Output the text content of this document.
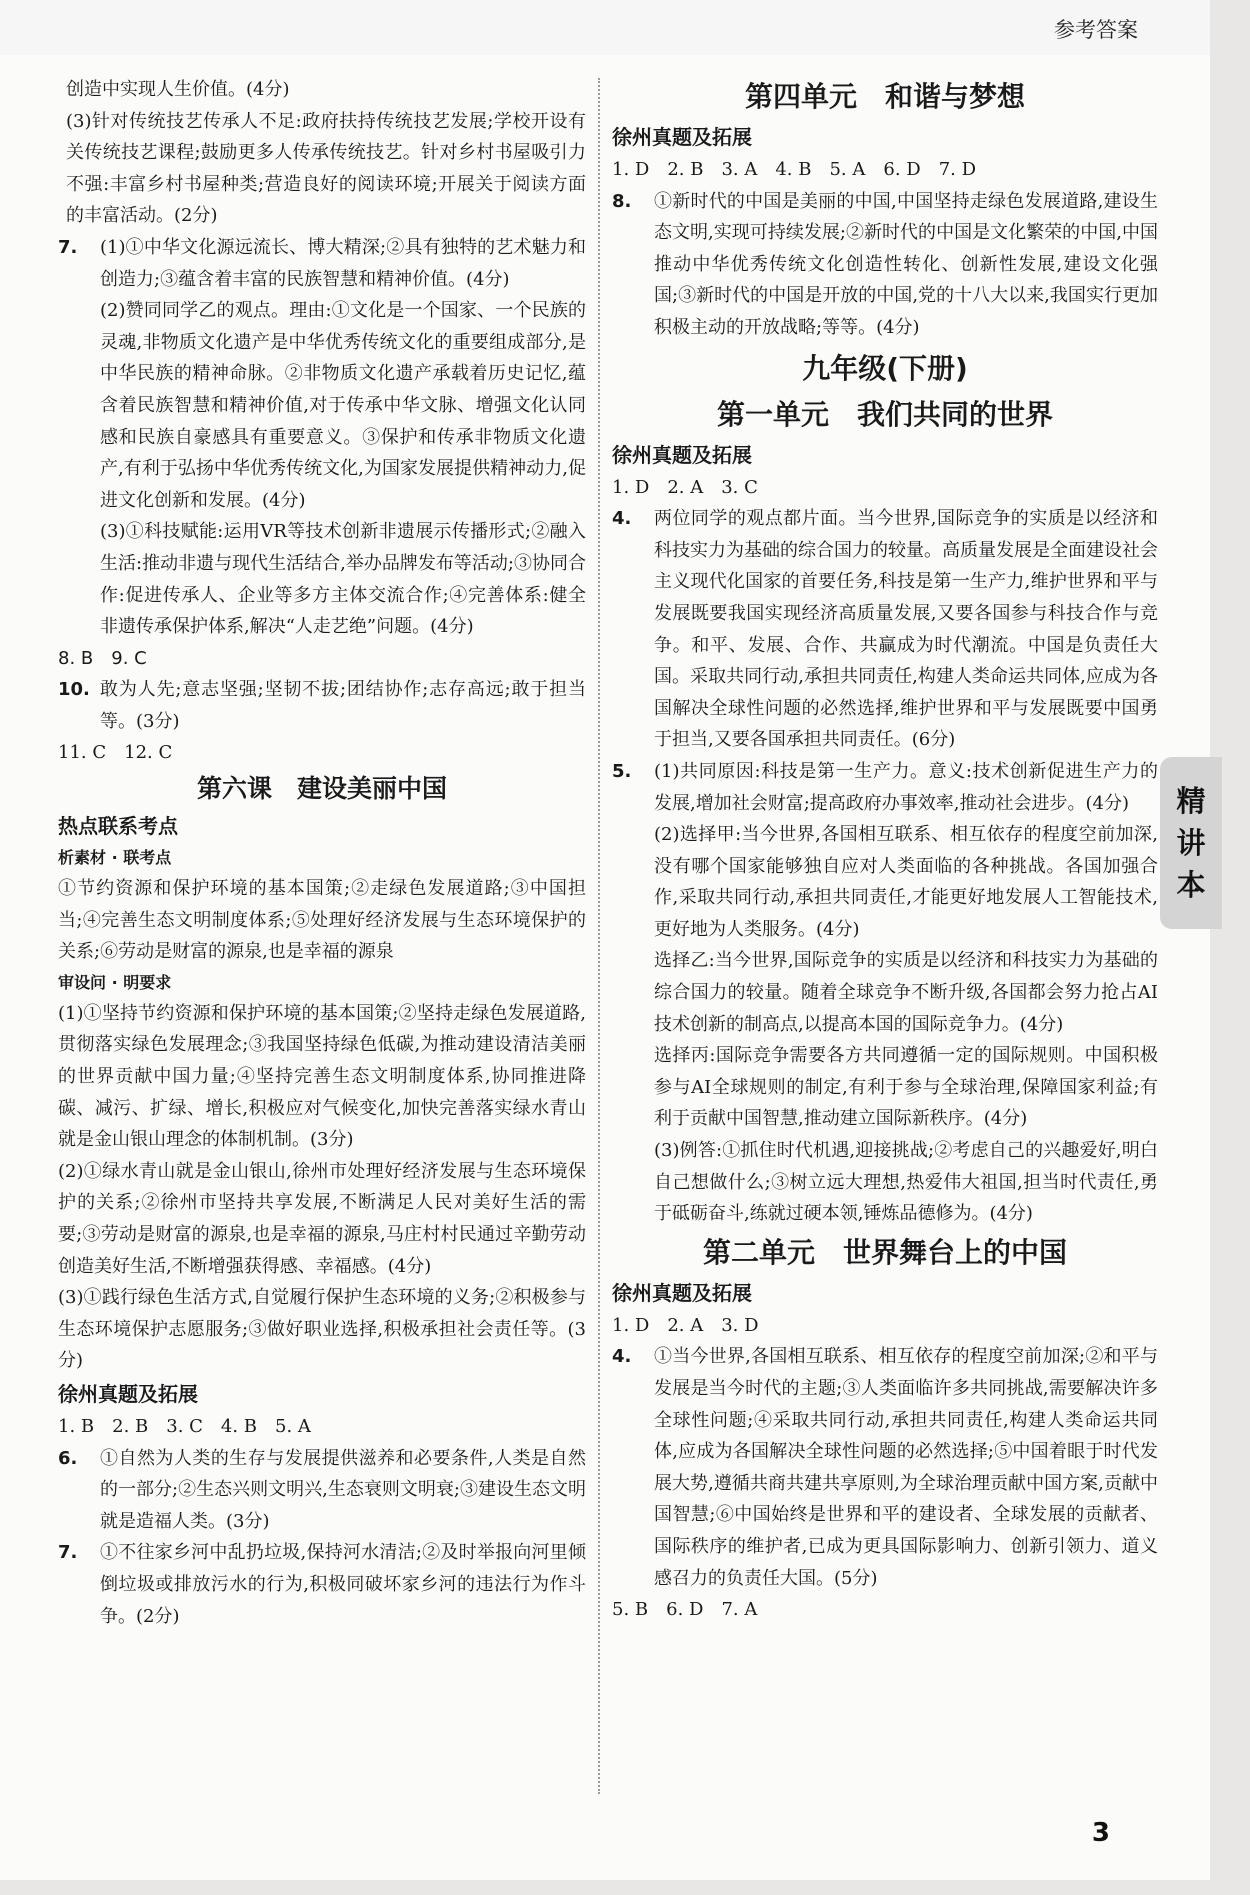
参考答案

创造中实现人生价值。(4分)

(3)针对传统技艺传承人不足:政府扶持传统技艺发展;学校开设有关传统技艺课程;鼓励更多人传承传统技艺。针对乡村书屋吸引力不强:丰富乡村书屋种类;营造良好的阅读环境;开展关于阅读方面的丰富活动。(2分)

7. (1)①中华文化源远流长、博大精深;②具有独特的艺术魅力和创造力;③蕴含着丰富的民族智慧和精神价值。(4分)

(2)赞同同学乙的观点。理由:①文化是一个国家、一个民族的灵魂,非物质文化遗产是中华优秀传统文化的重要组成部分,是中华民族的精神命脉。②非物质文化遗产承载着历史记忆,蕴含着民族智慧和精神价值,对于传承中华文脉、增强文化认同感和民族自豪感具有重要意义。③保护和传承非物质文化遗产,有利于弘扬中华优秀传统文化,为国家发展提供精神动力,促进文化创新和发展。(4分)

(3)①科技赋能:运用VR等技术创新非遗展示传播形式;②融入生活:推动非遗与现代生活结合,举办品牌发布等活动;③协同合作:促进传承人、企业等多方主体交流合作;④完善体系:健全非遗传承保护体系,解决“人走艺绝”问题。(4分)

8. B　9. C

10. 敢为人先;意志坚强;坚韧不拔;团结协作;志存高远;敢于担当等。(3分)

11. C　12. C

第六课　建设美丽中国

热点联系考点

析素材 · 联考点

①节约资源和保护环境的基本国策;②走绿色发展道路;③中国担当;④完善生态文明制度体系;⑤处理好经济发展与生态环境保护的关系;⑥劳动是财富的源泉,也是幸福的源泉

审设问 · 明要求

(1)①坚持节约资源和保护环境的基本国策;②坚持走绿色发展道路,贯彻落实绿色发展理念;③我国坚持绿色低碳,为推动建设清洁美丽的世界贡献中国力量;④坚持完善生态文明制度体系,协同推进降碳、减污、扩绿、增长,积极应对气候变化,加快完善落实绿水青山就是金山银山理念的体制机制。(3分)

(2)①绿水青山就是金山银山,徐州市处理好经济发展与生态环境保护的关系;②徐州市坚持共享发展,不断满足人民对美好生活的需要;③劳动是财富的源泉,也是幸福的源泉,马庄村村民通过辛勤劳动创造美好生活,不断增强获得感、幸福感。(4分)

(3)①践行绿色生活方式,自觉履行保护生态环境的义务;②积极参与生态环境保护志愿服务;③做好职业选择,积极承担社会责任等。(3分)

徐州真题及拓展

1. B　2. B　3. C　4. B　5. A

6. ①自然为人类的生存与发展提供滋养和必要条件,人类是自然的一部分;②生态兴则文明兴,生态衰则文明衰;③建设生态文明就是造福人类。(3分)

7. ①不往家乡河中乱扔垃圾,保持河水清洁;②及时举报向河里倾倒垃圾或排放污水的行为,积极同破坏家乡河的违法行为作斗争。(2分)

第四单元　和谐与梦想

徐州真题及拓展

1. D　2. B　3. A　4. B　5. A　6. D　7. D

8. ①新时代的中国是美丽的中国,中国坚持走绿色发展道路,建设生态文明,实现可持续发展;②新时代的中国是文化繁荣的中国,中国推动中华优秀传统文化创造性转化、创新性发展,建设文化强国;③新时代的中国是开放的中国,党的十八大以来,我国实行更加积极主动的开放战略;等等。(4分)

九年级(下册)

第一单元　我们共同的世界

徐州真题及拓展

1. D　2. A　3. C

4. 两位同学的观点都片面。当今世界,国际竞争的实质是以经济和科技实力为基础的综合国力的较量。高质量发展是全面建设社会主义现代化国家的首要任务,科技是第一生产力,维护世界和平与发展既要我国实现经济高质量发展,又要各国参与科技合作与竞争。和平、发展、合作、共赢成为时代潮流。中国是负责任大国。采取共同行动,承担共同责任,构建人类命运共同体,应成为各国解决全球性问题的必然选择,维护世界和平与发展既要中国勇于担当,又要各国承担共同责任。(6分)

5. (1)共同原因:科技是第一生产力。意义:技术创新促进生产力的发展,增加社会财富;提高政府办事效率,推动社会进步。(4分)

(2)选择甲:当今世界,各国相互联系、相互依存的程度空前加深,没有哪个国家能够独自应对人类面临的各种挑战。各国加强合作,采取共同行动,承担共同责任,才能更好地发展人工智能技术,更好地为人类服务。(4分)

选择乙:当今世界,国际竞争的实质是以经济和科技实力为基础的综合国力的较量。随着全球竞争不断升级,各国都会努力抢占AI技术创新的制高点,以提高本国的国际竞争力。(4分)

选择丙:国际竞争需要各方共同遵循一定的国际规则。中国积极参与AI全球规则的制定,有利于参与全球治理,保障国家利益;有利于贡献中国智慧,推动建立国际新秩序。(4分)

(3)例答:①抓住时代机遇,迎接挑战;②考虑自己的兴趣爱好,明白自己想做什么;③树立远大理想,热爱伟大祖国,担当时代责任,勇于砥砺奋斗,练就过硬本领,锤炼品德修为。(4分)

第二单元　世界舞台上的中国

徐州真题及拓展

1. D　2. A　3. D

4. ①当今世界,各国相互联系、相互依存的程度空前加深;②和平与发展是当今时代的主题;③人类面临许多共同挑战,需要解决许多全球性问题;④采取共同行动,承担共同责任,构建人类命运共同体,应成为各国解决全球性问题的必然选择;⑤中国着眼于时代发展大势,遵循共商共建共享原则,为全球治理贡献中国方案,贡献中国智慧;⑥中国始终是世界和平的建设者、全球发展的贡献者、国际秩序的维护者,已成为更具国际影响力、创新引领力、道义感召力的负责任大国。(5分)

5. B　6. D　7. A

精
讲
本
3
